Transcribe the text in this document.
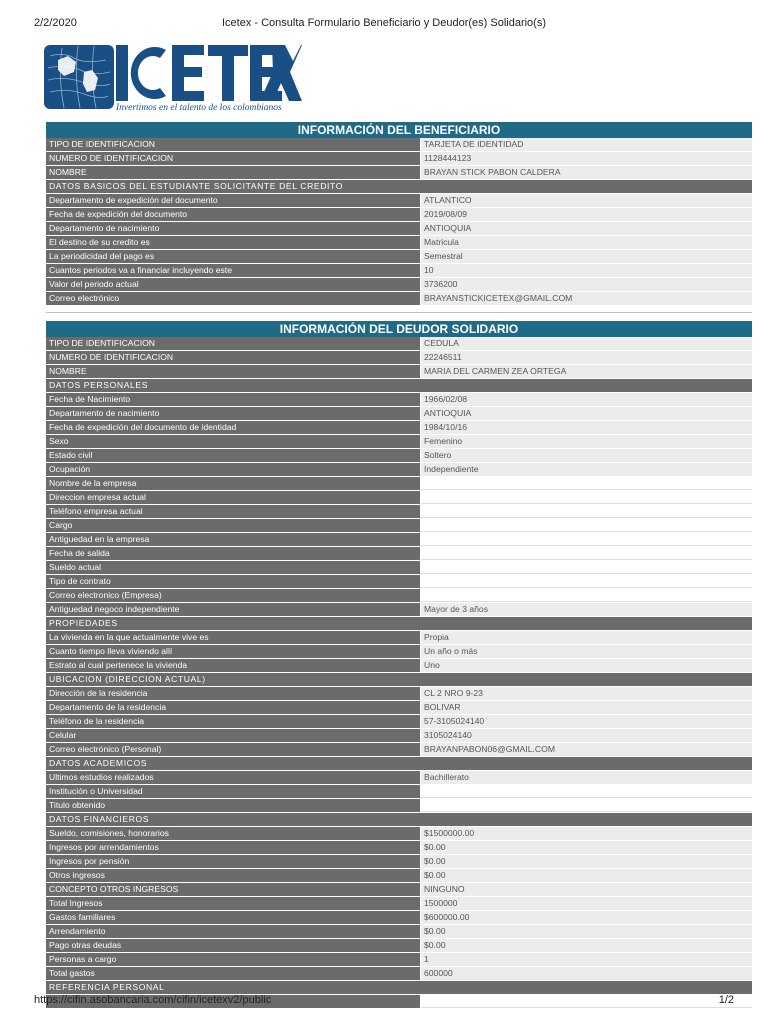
2/2/2020	Icetex - Consulta Formulario Beneficiario y Deudor(es) Solidario(s)
Invertimos en el talento de los colombianos
INFORMACIÓN DEL BENEFICIARIO
TIPO DE IDENTIFICACION	TARJETA DE IDENTIDAD
NUMERO DE IDENTIFICACION	1128444123
NOMBRE	BRAYAN STICK PABON CALDERA
DATOS BASICOS DEL ESTUDIANTE SOLICITANTE DEL CREDITO
Departamento de expedición del documento	ATLANTICO
Fecha de expedición del documento	2019/08/09
Departamento de nacimiento	ANTIOQUIA
El destino de su credito es	Matricula
La periodicidad del pago es	Semestral
Cuantos periodos va a financiar incluyendo este	10
Valor del periodo actual	3736200
Correo electrónico	BRAYANSTICKICETEX@GMAIL.COM
INFORMACIÓN DEL DEUDOR SOLIDARIO
TIPO DE IDENTIFICACION	CEDULA
NUMERO DE IDENTIFICACION	22246511
NOMBRE	MARIA DEL CARMEN ZEA ORTEGA
DATOS PERSONALES
Fecha de Nacimiento	1966/02/08
Departamento de nacimiento	ANTIOQUIA
Fecha de expedición del documento de identidad	1984/10/16
Sexo	Femenino
Estado civil	Soltero
Ocupación	Independiente
Nombre de la empresa
Direccion empresa actual
Teléfono empresa actual
Cargo
Antiguedad en la empresa
Fecha de salida
Sueldo actual
Tipo de contrato
Correo electronico (Empresa)
Antiguedad negoco independiente	Mayor de 3 años
PROPIEDADES
La vivienda en la que actualmente vive es	Propia
Cuanto tiempo lleva viviendo allí	Un año o más
Estrato al cual pertenece la vivienda	Uno
UBICACION (DIRECCION ACTUAL)
Dirección de la residencia	CL 2 NRO 9-23
Departamento de la residencia	BOLIVAR
Teléfono de la residencia	57-3105024140
Celular	3105024140
Correo electrónico (Personal)	BRAYANPABON06@GMAIL.COM
DATOS ACADEMICOS
Ultimos estudios realizados	Bachillerato
Institución o Universidad
Titulo obtenido
DATOS FINANCIEROS
Sueldo, comisiones, honorarios	$1500000.00
Ingresos por arrendamientos	$0.00
Ingresos por pensión	$0.00
Otros ingresos	$0.00
CONCEPTO OTROS INGRESOS	NINGUNO
Total Ingresos	1500000
Gastos familiares	$600000.00
Arrendamiento	$0.00
Pago otras deudas	$0.00
Personas a cargo	1
Total gastos	600000
REFERENCIA PERSONAL
https://cifin.asobancaria.com/cifin/icetexv2/public	1/2
